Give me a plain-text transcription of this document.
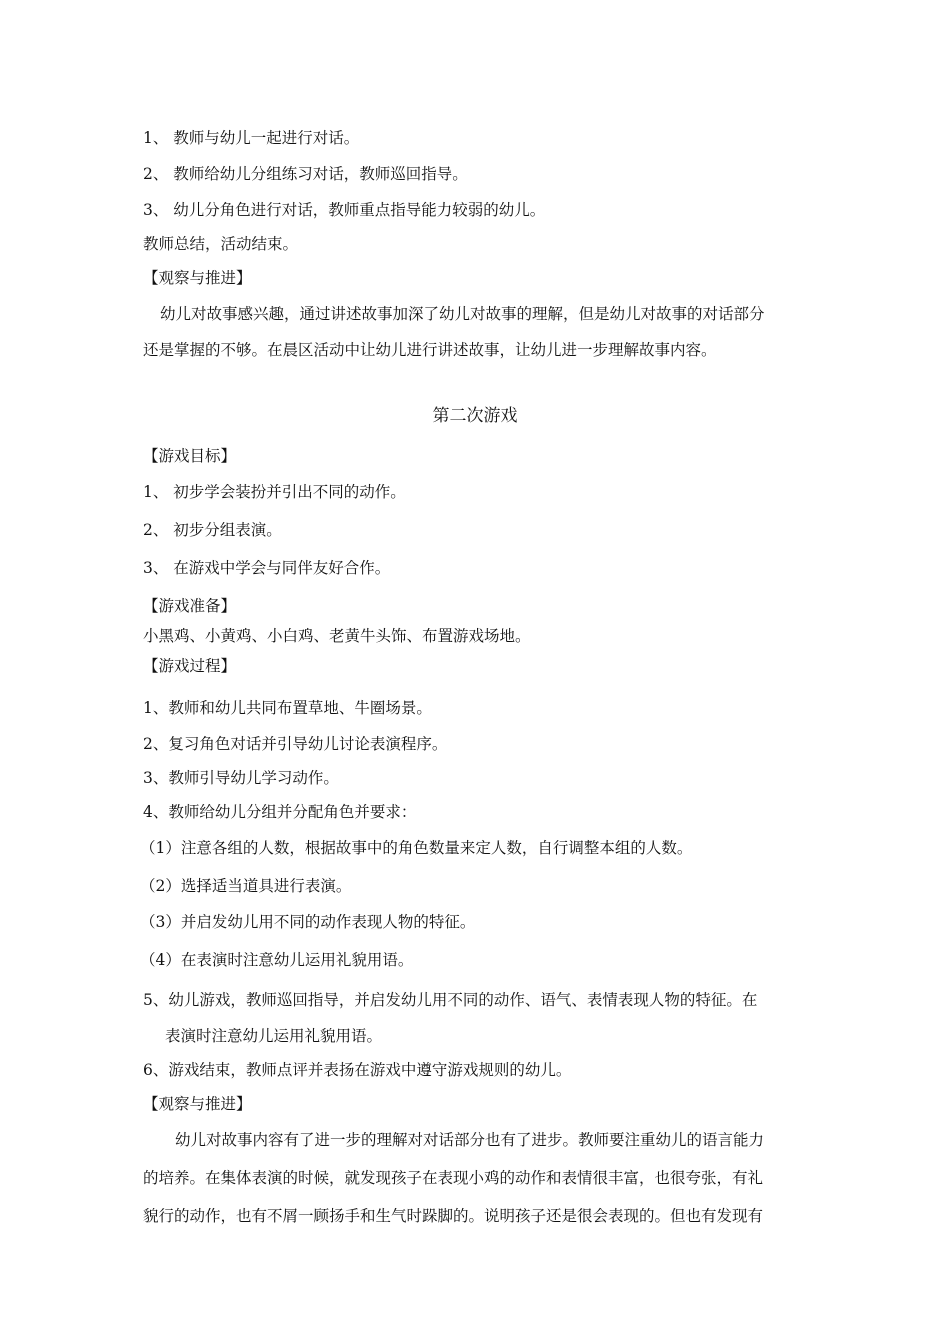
1、 教师与幼儿一起进行对话。
2、 教师给幼儿分组练习对话，教师巡回指导。
3、 幼儿分角色进行对话，教师重点指导能力较弱的幼儿。
教师总结，活动结束。
【观察与推进】
幼儿对故事感兴趣，通过讲述故事加深了幼儿对故事的理解，但是幼儿对故事的对话部分
还是掌握的不够。在晨区活动中让幼儿进行讲述故事，让幼儿进一步理解故事内容。
第二次游戏
【游戏目标】
1、 初步学会装扮并引出不同的动作。
2、 初步分组表演。
3、 在游戏中学会与同伴友好合作。
【游戏准备】
小黑鸡、小黄鸡、小白鸡、老黄牛头饰、布置游戏场地。
【游戏过程】
1、教师和幼儿共同布置草地、牛圈场景。
2、复习角色对话并引导幼儿讨论表演程序。
3、教师引导幼儿学习动作。
4、教师给幼儿分组并分配角色并要求：
（1）注意各组的人数，根据故事中的角色数量来定人数，自行调整本组的人数。
（2）选择适当道具进行表演。
（3）并启发幼儿用不同的动作表现人物的特征。
（4）在表演时注意幼儿运用礼貌用语。
5、幼儿游戏，教师巡回指导，并启发幼儿用不同的动作、语气、表情表现人物的特征。在
表演时注意幼儿运用礼貌用语。
6、游戏结束，教师点评并表扬在游戏中遵守游戏规则的幼儿。
【观察与推进】
幼儿对故事内容有了进一步的理解对对话部分也有了进步。教师要注重幼儿的语言能力
的培养。在集体表演的时候，就发现孩子在表现小鸡的动作和表情很丰富，也很夸张，有礼
貌行的动作，也有不屑一顾扬手和生气时跺脚的。说明孩子还是很会表现的。但也有发现有
